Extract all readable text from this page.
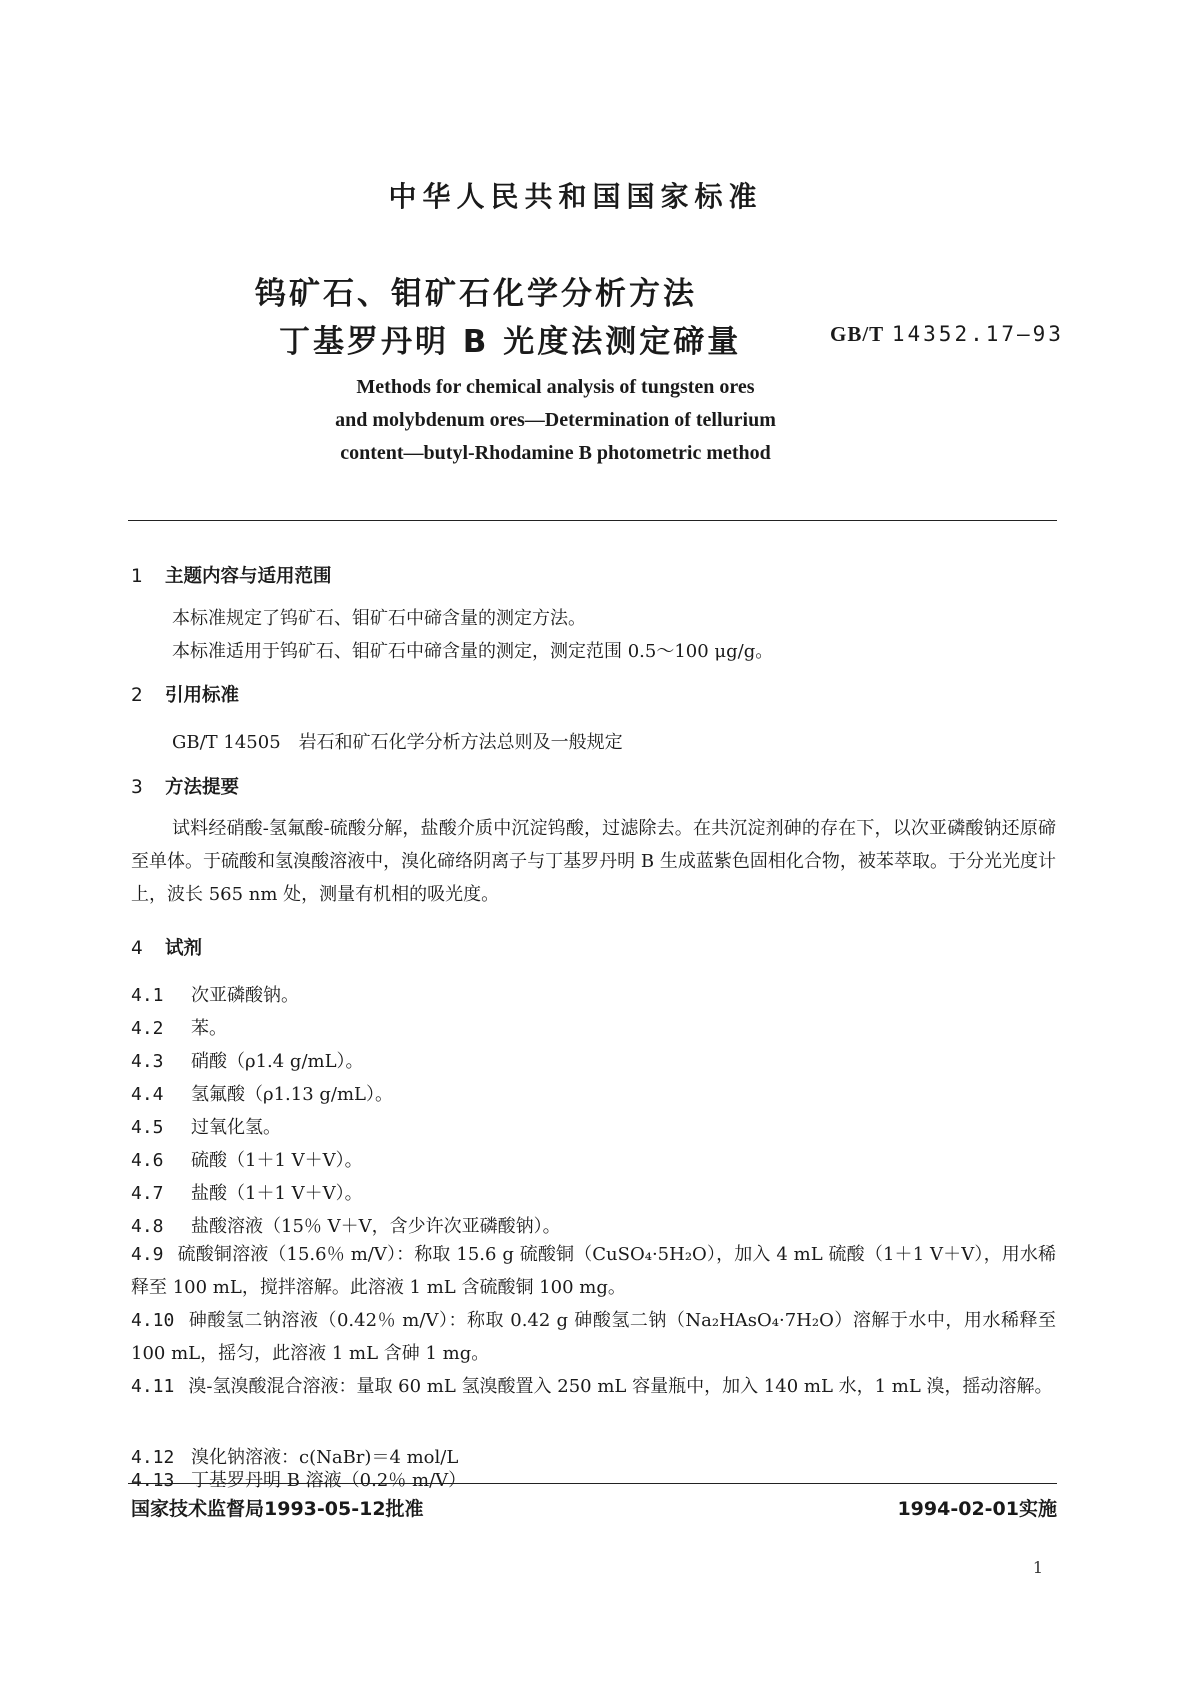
中华人民共和国国家标准
钨矿石、钼矿石化学分析方法
丁基罗丹明 B 光度法测定碲量	GB/T 14352.17—93
Methods for chemical analysis of tungsten ores
and molybdenum ores—Determination of tellurium
content—butyl-Rhodamine B photometric method
1 主题内容与适用范围
本标准规定了钨矿石、钼矿石中碲含量的测定方法。
本标准适用于钨矿石、钼矿石中碲含量的测定，测定范围 0.5～100 μg/g。
2 引用标准
GB/T 14505　岩石和矿石化学分析方法总则及一般规定
3 方法提要
试料经硝酸-氢氟酸-硫酸分解，盐酸介质中沉淀钨酸，过滤除去。在共沉淀剂砷的存在下，以次亚磷酸钠还原碲至单体。于硫酸和氢溴酸溶液中，溴化碲络阴离子与丁基罗丹明 B 生成蓝紫色固相化合物，被苯萃取。于分光光度计上，波长 565 nm 处，测量有机相的吸光度。
4 试剂
4.1 次亚磷酸钠。
4.2 苯。
4.3 硝酸（ρ1.4 g/mL）。
4.4 氢氟酸（ρ1.13 g/mL）。
4.5 过氧化氢。
4.6 硫酸（1＋1 V＋V）。
4.7 盐酸（1＋1 V＋V）。
4.8 盐酸溶液（15％ V＋V，含少许次亚磷酸钠）。
4.9 硫酸铜溶液（15.6％ m/V）：称取 15.6 g 硫酸铜（CuSO₄·5H₂O），加入 4 mL 硫酸（1＋1 V＋V），用水稀释至 100 mL，搅拌溶解。此溶液 1 mL 含硫酸铜 100 mg。
4.10 砷酸氢二钠溶液（0.42％ m/V）：称取 0.42 g 砷酸氢二钠（Na₂HAsO₄·7H₂O）溶解于水中，用水稀释至 100 mL，摇匀，此溶液 1 mL 含砷 1 mg。
4.11 溴-氢溴酸混合溶液：量取 60 mL 氢溴酸置入 250 mL 容量瓶中，加入 140 mL 水，1 mL 溴，摇动溶解。
4.12 溴化钠溶液：c(NaBr)＝4 mol/L
4.13 丁基罗丹明 B 溶液（0.2％ m/V）
国家技术监督局1993-05-12批准	1994-02-01实施
1
